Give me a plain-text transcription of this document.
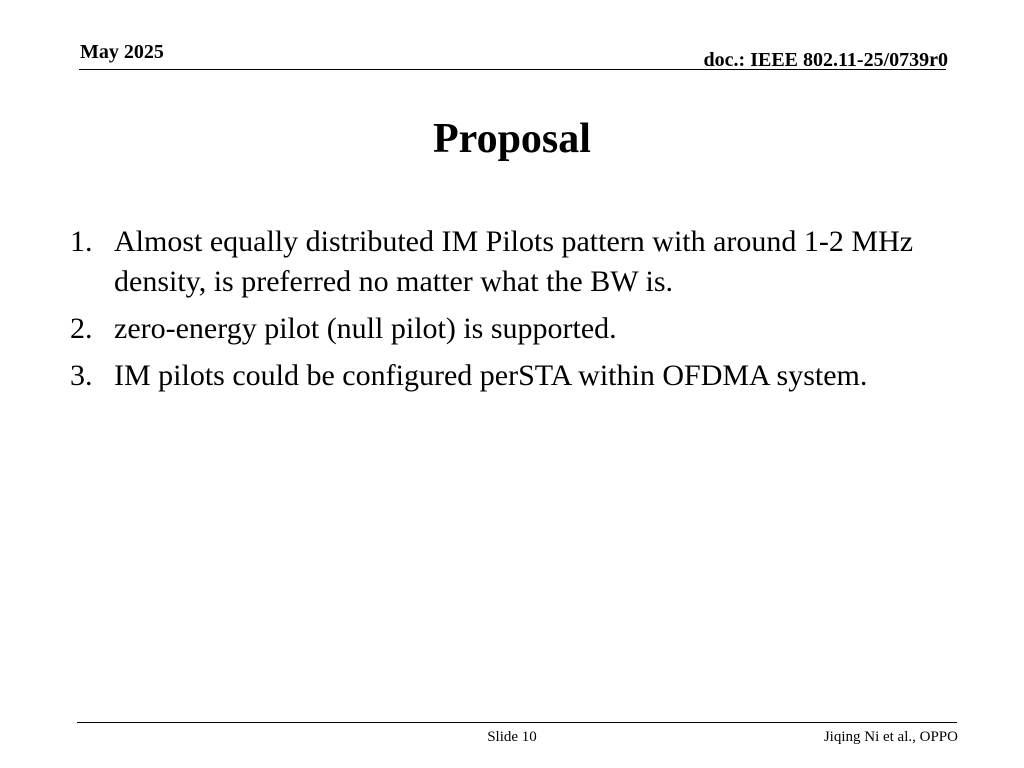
May 2025	doc.: IEEE 802.11-25/0739r0
Proposal
1. Almost equally distributed IM Pilots pattern with around 1-2 MHz density, is preferred no matter what the BW is.
2. zero-energy pilot (null pilot) is supported.
3. IM pilots could be configured perSTA within OFDMA system.
Slide 10	Jiqing Ni et al., OPPO
